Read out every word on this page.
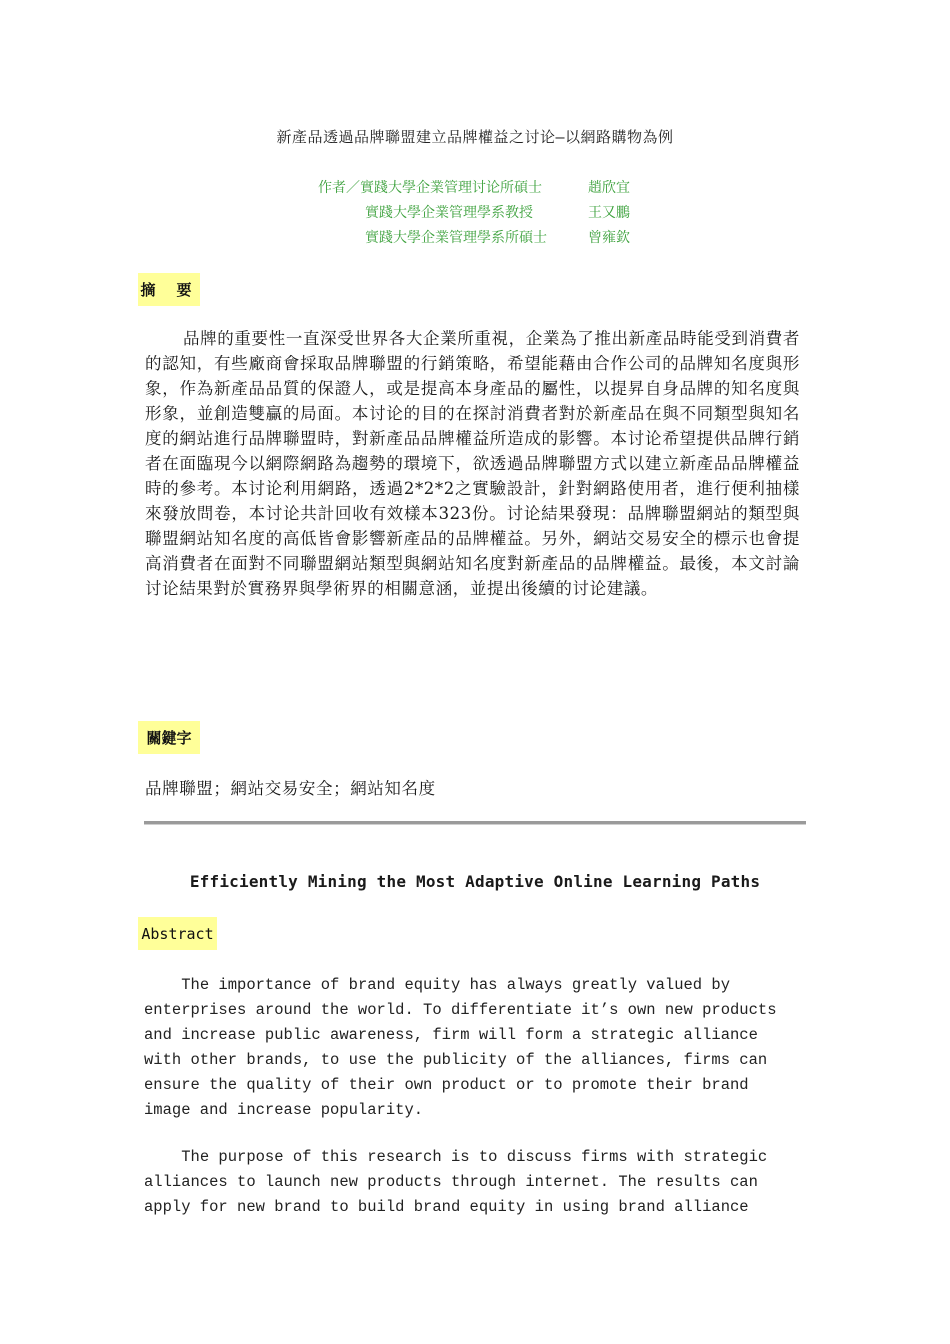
新產品透過品牌聯盟建立品牌權益之讨论—以網路購物為例
作者／實踐大學企業管理讨论所碩士	趙欣宜
實踐大學企業管理學系教授	王又鵬
實踐大學企業管理學系所碩士	曾雍欽
摘 要
品牌的重要性一直深受世界各大企業所重視，企業為了推出新產品時能受到消費者的認知，有些廠商會採取品牌聯盟的行銷策略，希望能藉由合作公司的品牌知名度與形象，作為新產品品質的保證人，或是提高本身產品的屬性，以提昇自身品牌的知名度與形象，並創造雙贏的局面。本讨论的目的在探討消費者對於新產品在與不同類型與知名度的網站進行品牌聯盟時，對新產品品牌權益所造成的影響。本讨论希望提供品牌行銷者在面臨現今以網際網路為趨勢的環境下，欲透過品牌聯盟方式以建立新產品品牌權益時的參考。本讨论利用網路，透過2*2*2之實驗設計，針對網路使用者，進行便利抽樣來發放問卷，本讨论共計回收有效樣本323份。讨论結果發現：品牌聯盟網站的類型與聯盟網站知名度的高低皆會影響新產品的品牌權益。另外，網站交易安全的標示也會提高消費者在面對不同聯盟網站類型與網站知名度對新產品的品牌權益。最後，本文討論讨论結果對於實務界與學術界的相關意涵，並提出後續的讨论建議。
關鍵字
品牌聯盟；網站交易安全；網站知名度
Efficiently Mining the Most Adaptive Online Learning Paths
Abstract
The importance of brand equity has always greatly valued by
enterprises around the world. To differentiate it’s own new products
and increase public awareness, firm will form a strategic alliance
with other brands, to use the publicity of the alliances, firms can
ensure the quality of their own product or to promote their brand
image and increase popularity.
The purpose of this research is to discuss firms with strategic
alliances to launch new products through internet. The results can
apply for new brand to build brand equity in using brand alliance
